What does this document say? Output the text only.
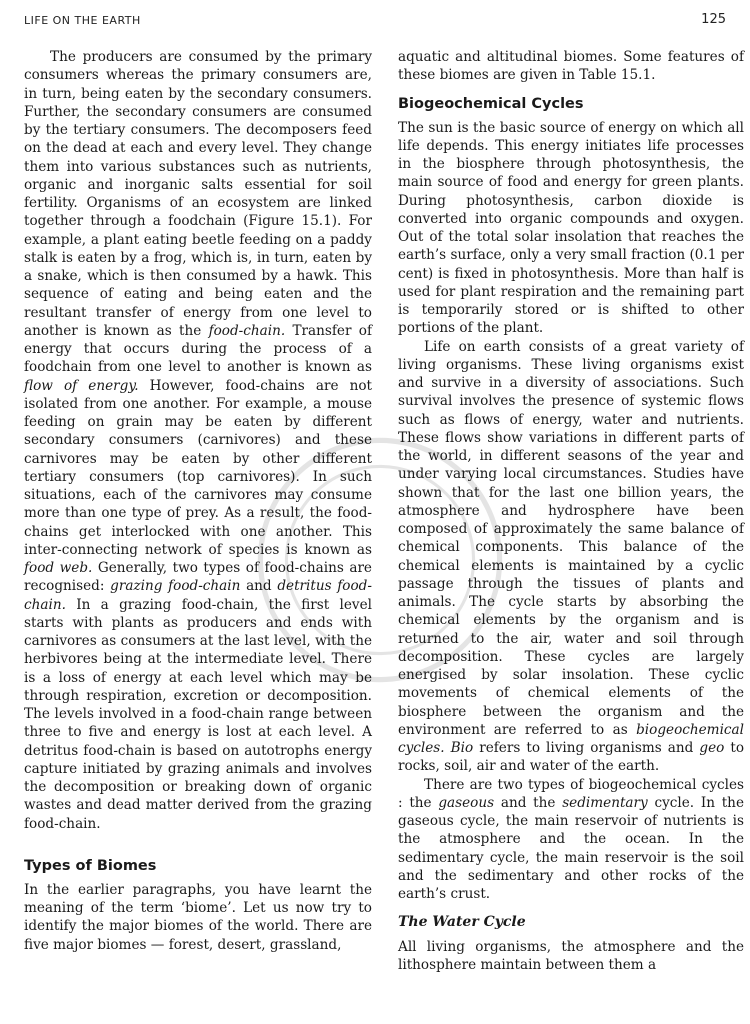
LIFE ON THE EARTH	125

The producers are consumed by the primary consumers whereas the primary consumers are, in turn, being eaten by the secondary consumers. Further, the secondary consumers are consumed by the tertiary consumers. The decomposers feed on the dead at each and every level. They change them into various substances such as nutrients, organic and inorganic salts essential for soil fertility. Organisms of an ecosystem are linked together through a foodchain (Figure 15.1). For example, a plant eating beetle feeding on a paddy stalk is eaten by a frog, which is, in turn, eaten by a snake, which is then consumed by a hawk. This sequence of eating and being eaten and the resultant transfer of energy from one level to another is known as the food-chain. Transfer of energy that occurs during the process of a foodchain from one level to another is known as flow of energy. However, food-chains are not isolated from one another. For example, a mouse feeding on grain may be eaten by different secondary consumers (carnivores) and these carnivores may be eaten by other different tertiary consumers (top carnivores). In such situations, each of the carnivores may consume more than one type of prey. As a result, the food- chains get interlocked with one another. This inter-connecting network of species is known as food web. Generally, two types of food-chains are recognised: grazing food-chain and detritus food-chain. In a grazing food-chain, the first level starts with plants as producers and ends with carnivores as consumers at the last level, with the herbivores being at the intermediate level. There is a loss of energy at each level which may be through respiration, excretion or decomposition. The levels involved in a food-chain range between three to five and energy is lost at each level. A detritus food-chain is based on autotrophs energy capture initiated by grazing animals and involves the decomposition or breaking down of organic wastes and dead matter derived from the grazing food-chain.

Types of Biomes

In the earlier paragraphs, you have learnt the meaning of the term ‘biome’. Let us now try to identify the major biomes of the world. There are five major biomes — forest, desert, grassland,

aquatic and altitudinal biomes. Some features of these biomes are given in Table 15.1.

Biogeochemical Cycles

The sun is the basic source of energy on which all life depends. This energy initiates life processes in the biosphere through photosynthesis, the main source of food and energy for green plants. During photosynthesis, carbon dioxide is converted into organic compounds and oxygen. Out of the total solar insolation that reaches the earth’s surface, only a very small fraction (0.1 per cent) is fixed in photosynthesis. More than half is used for plant respiration and the remaining part is temporarily stored or is shifted to other portions of the plant.

Life on earth consists of a great variety of living organisms. These living organisms exist and survive in a diversity of associations. Such survival involves the presence of systemic flows such as flows of energy, water and nutrients. These flows show variations in different parts of the world, in different seasons of the year and under varying local circumstances. Studies have shown that for the last one billion years, the atmosphere and hydrosphere have been composed of approximately the same balance of chemical components. This balance of the chemical elements is maintained by a cyclic passage through the tissues of plants and animals. The cycle starts by absorbing the chemical elements by the organism and is returned to the air, water and soil through decomposition. These cycles are largely energised by solar insolation. These cyclic movements of chemical elements of the biosphere between the organism and the environment are referred to as biogeochemical cycles. Bio refers to living organisms and geo to rocks, soil, air and water of the earth.

There are two types of biogeochemical cycles : the gaseous and the sedimentary cycle. In the gaseous cycle, the main reservoir of nutrients is the atmosphere and the ocean. In the sedimentary cycle, the main reservoir is the soil and the sedimentary and other rocks of the earth’s crust.

The Water Cycle

All living organisms, the atmosphere and the lithosphere maintain between them a
